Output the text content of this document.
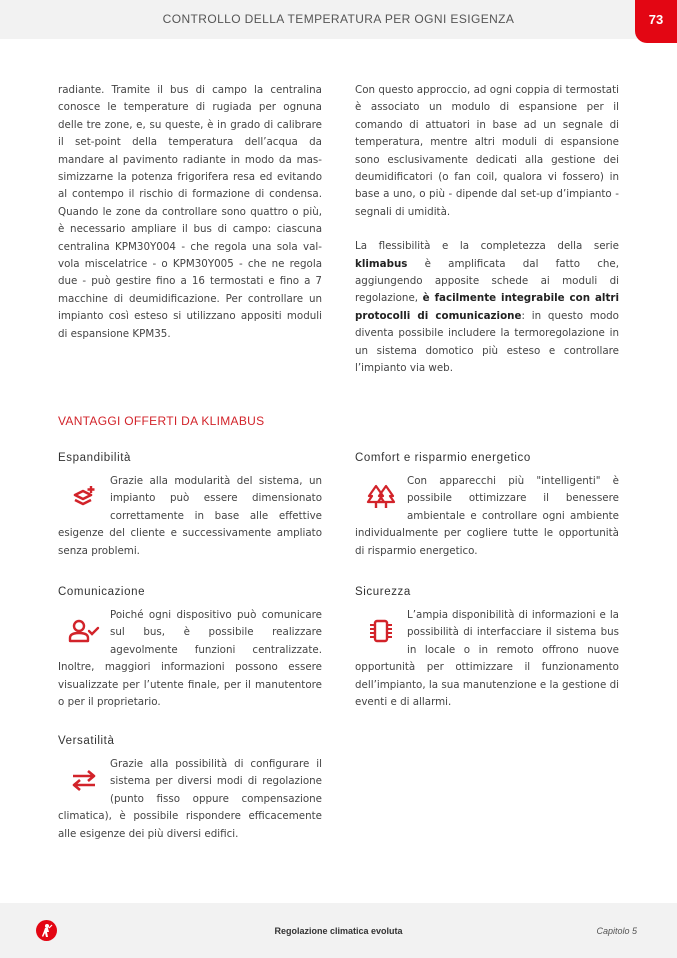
CONTROLLO DELLA TEMPERATURA PER OGNI ESIGENZA	73

radiante. Tramite il bus di campo la centralina conosce le temperature di rugiada per ognuna delle tre zone, e, su queste, è in grado di calibrare il set-point della temperatura dell’acqua da mandare al pavimento radiante in modo da massimizzarne la potenza frigorifera resa ed evitando al contempo il rischio di formazione di condensa. Quando le zone da controllare sono quattro o più, è necessario ampliare il bus di campo: ciascuna centralina KPM30Y004 - che regola una sola valvola miscelatrice - o KPM30Y005 - che ne regola due - può gestire fino a 16 termostati e fino a 7 macchine di deumidificazione. Per controllare un impianto così esteso si utilizzano appositi moduli di espansione KPM35.

Con questo approccio, ad ogni coppia di termostati è associato un modulo di espansione per il comando di attuatori in base ad un segnale di temperatura, mentre altri moduli di espansione sono esclusivamente dedicati alla gestione dei deumidificatori (o fan coil, qualora vi fossero) in base a uno, o più - dipende dal set-up d’impianto - segnali di umidità.

La flessibilità e la completezza della serie klimabus è amplificata dal fatto che, aggiungendo apposite schede ai moduli di regolazione, è facilmente integrabile con altri protocolli di comunicazione: in questo modo diventa possibile includere la termoregolazione in un sistema domotico più esteso e controllare l’impianto via web.

VANTAGGI OFFERTI DA KLIMABUS
Espandibilità
Grazie alla modularità del sistema, un impianto può essere dimensionato correttamente in base alle effettive esigenze del cliente e successivamente ampliato senza problemi.
Comfort e risparmio energetico
Con apparecchi più "intelligenti" è possibile ottimizzare il benessere ambientale e controllare ogni ambiente individualmente per cogliere tutte le opportunità di risparmio energetico.
Comunicazione
Poiché ogni dispositivo può comunicare sul bus, è possibile realizzare agevolmente funzioni centralizzate. Inoltre, maggiori informazioni possono essere visualizzate per l’utente finale, per il manutentore o per il proprietario.
Sicurezza
L’ampia disponibilità di informazioni e la possibilità di interfacciare il sistema bus in locale o in remoto offrono nuove opportunità per ottimizzare il funzionamento dell’impianto, la sua manutenzione e la gestione di eventi e di allarmi.
Versatilità
Grazie alla possibilità di configurare il sistema per diversi modi di regolazione (punto fisso oppure compensazione climatica), è possibile rispondere efficacemente alle esigenze dei più diversi edifici.
Regolazione climatica evoluta	Capitolo 5
